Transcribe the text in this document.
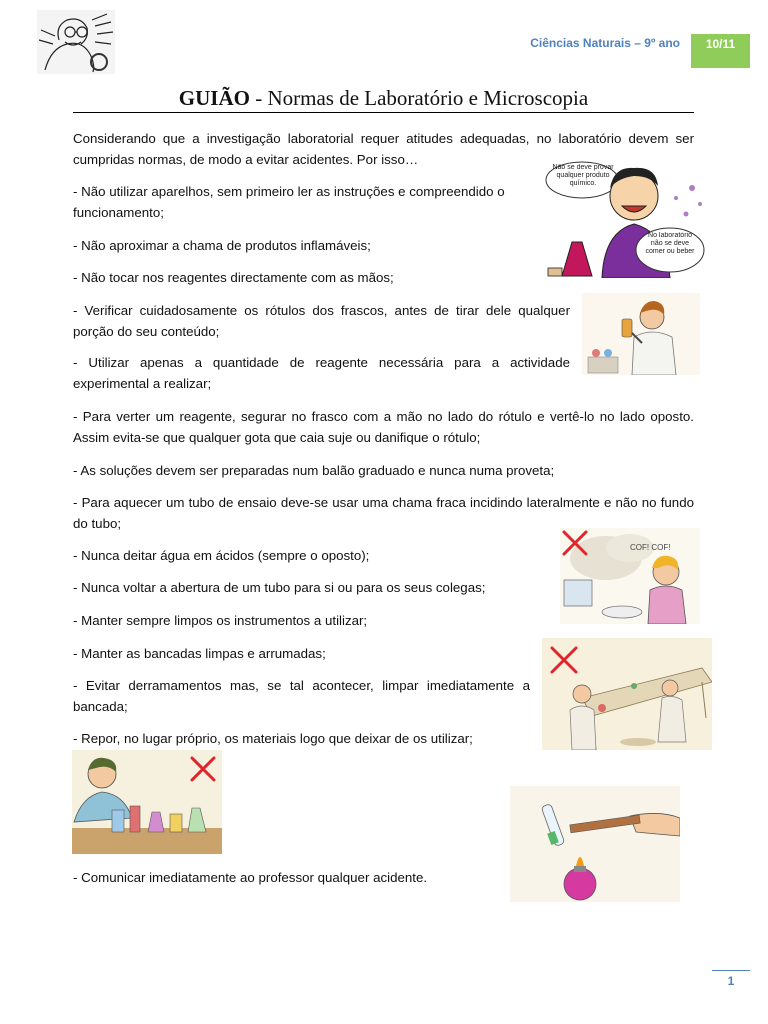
Ciências Naturais – 9º ano	10/11
GUIÃO - Normas de Laboratório e Microscopia
Considerando que a investigação laboratorial requer atitudes adequadas, no laboratório devem ser cumpridas normas, de modo a evitar acidentes. Por isso…
- Não utilizar aparelhos, sem primeiro ler as instruções e compreendido o funcionamento;
- Não aproximar a chama de produtos inflamáveis;
- Não tocar nos reagentes directamente com as mãos;
- Verificar cuidadosamente os rótulos dos frascos, antes de tirar dele qualquer porção do seu conteúdo;
- Utilizar apenas a quantidade de reagente necessária para a actividade experimental a realizar;
- Para verter um reagente, segurar no frasco com a mão no lado do rótulo e vertê-lo no lado oposto. Assim evita-se que qualquer gota que caia suje ou danifique o rótulo;
- As soluções devem ser preparadas num balão graduado e nunca numa proveta;
- Para aquecer um tubo de ensaio deve-se usar uma chama fraca incidindo lateralmente e não no fundo do tubo;
- Nunca deitar água em ácidos (sempre o oposto);
- Nunca voltar a abertura de um tubo para si ou para os seus colegas;
- Manter sempre limpos os instrumentos a utilizar;
- Manter as bancadas limpas e arrumadas;
- Evitar derramamentos mas, se tal acontecer, limpar imediatamente a bancada;
- Repor, no lugar próprio, os materiais logo que deixar de os utilizar;
- Comunicar imediatamente ao professor qualquer acidente.
Não se deve provar qualquer produto químico.
No laboratório não se deve comer ou beber
COF! COF!
1
